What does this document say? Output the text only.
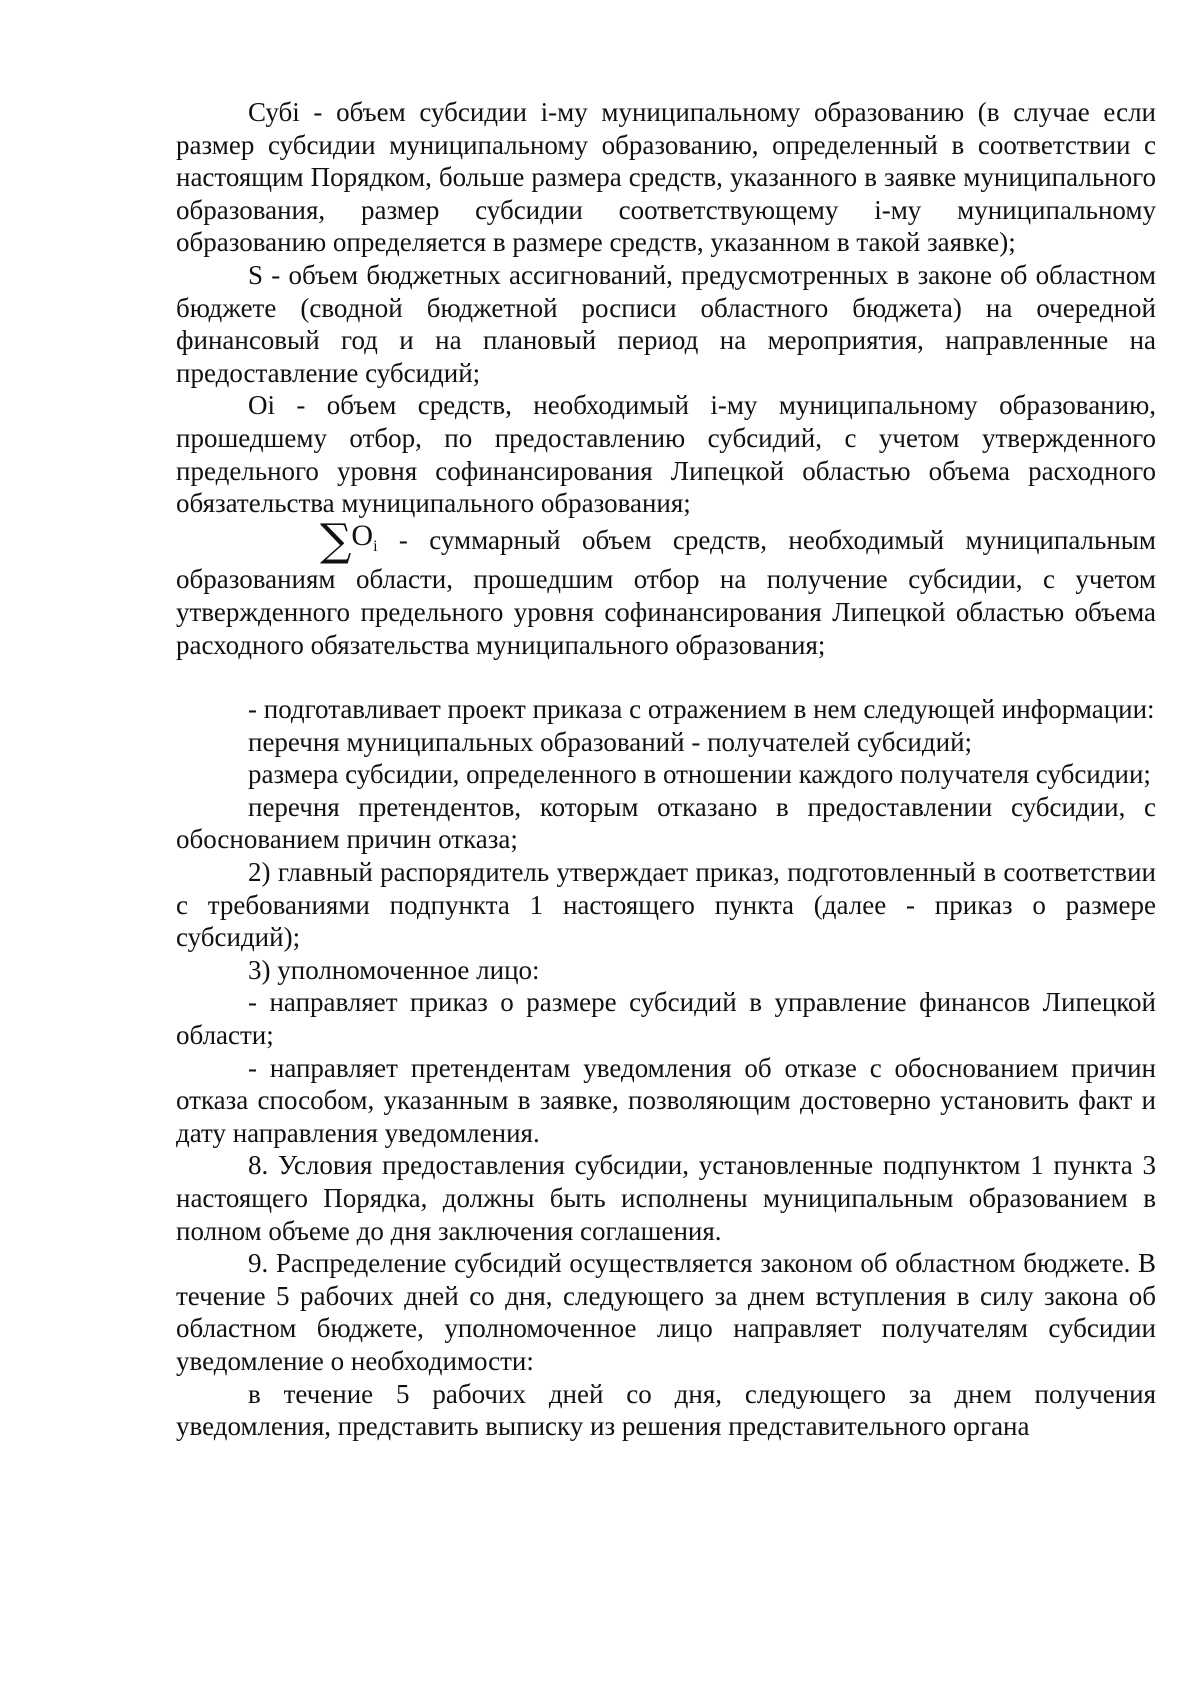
Субi - объем субсидии i-му муниципальному образованию (в случае если размер субсидии муниципальному образованию, определенный в соответствии с настоящим Порядком, больше размера средств, указанного в заявке муниципального образования, размер субсидии соответствующему i-му муниципальному образованию определяется в размере средств, указанном в такой заявке);

S - объем бюджетных ассигнований, предусмотренных в законе об областном бюджете (сводной бюджетной росписи областного бюджета) на очередной финансовый год и на плановый период на мероприятия, направленные на предоставление субсидий;

Оi - объем средств, необходимый i-му муниципальному образованию, прошедшему отбор, по предоставлению субсидий, с учетом утвержденного предельного уровня софинансирования Липецкой областью объема расходного обязательства муниципального образования;

∑Oi - суммарный объем средств, необходимый муниципальным образованиям области, прошедшим отбор на получение субсидии, с учетом утвержденного предельного уровня софинансирования Липецкой областью объема расходного обязательства муниципального образования;

- подготавливает проект приказа с отражением в нем следующей информации:

перечня муниципальных образований - получателей субсидий;

размера субсидии, определенного в отношении каждого получателя субсидии;

перечня претендентов, которым отказано в предоставлении субсидии, с обоснованием причин отказа;

2) главный распорядитель утверждает приказ, подготовленный в соответствии с требованиями подпункта 1 настоящего пункта (далее - приказ о размере субсидий);

3) уполномоченное лицо:

- направляет приказ о размере субсидий в управление финансов Липецкой области;

- направляет претендентам уведомления об отказе с обоснованием причин отказа способом, указанным в заявке, позволяющим достоверно установить факт и дату направления уведомления.

8. Условия предоставления субсидии, установленные подпунктом 1 пункта 3 настоящего Порядка, должны быть исполнены муниципальным образованием в полном объеме до дня заключения соглашения.

9. Распределение субсидий осуществляется законом об областном бюджете. В течение 5 рабочих дней со дня, следующего за днем вступления в силу закона об областном бюджете, уполномоченное лицо направляет получателям субсидии уведомление о необходимости:

в течение 5 рабочих дней со дня, следующего за днем получения уведомления, представить выписку из решения представительного органа
